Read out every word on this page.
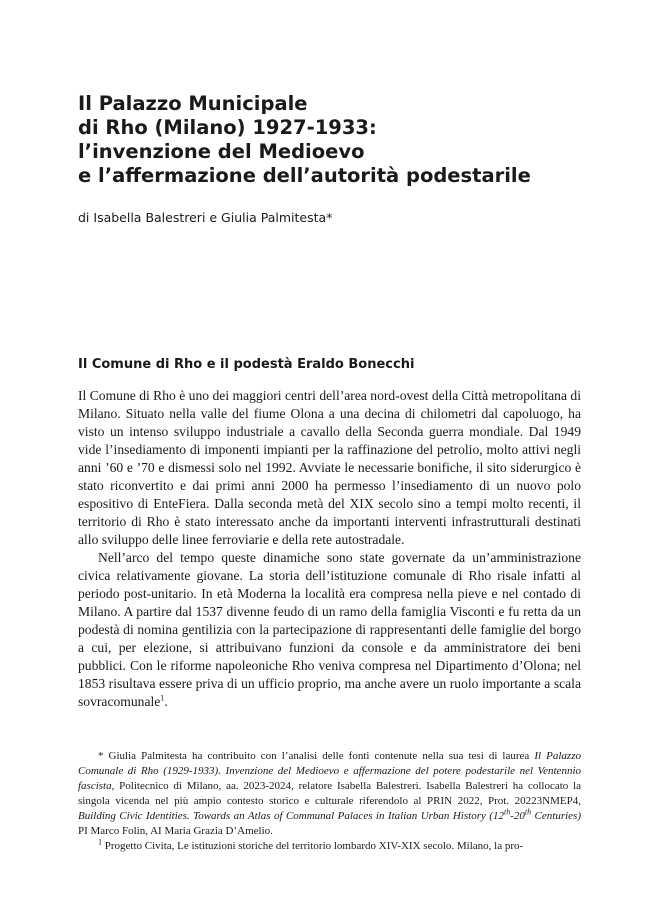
Il Palazzo Municipale
di Rho (Milano) 1927-1933:
l’invenzione del Medioevo
e l’affermazione dell’autorità podestarile
di Isabella Balestreri e Giulia Palmitesta*
Il Comune di Rho e il podestà Eraldo Bonecchi

Il Comune di Rho è uno dei maggiori centri dell’area nord-ovest della Città metropolitana di Milano. Situato nella valle del fiume Olona a una decina di chilometri dal capoluogo, ha visto un intenso sviluppo industriale a cavallo della Seconda guerra mondiale. Dal 1949 vide l’insediamento di imponenti impianti per la raffinazione del petrolio, molto attivi negli anni ’60 e ’70 e dismessi solo nel 1992. Avviate le necessarie bonifiche, il sito siderurgico è stato riconvertito e dai primi anni 2000 ha permesso l’insediamento di un nuovo polo espositivo di EnteFiera. Dalla seconda metà del XIX secolo sino a tempi molto recenti, il territorio di Rho è stato interessato anche da importanti interventi infrastrutturali destinati allo sviluppo delle linee ferroviarie e della rete autostradale.

Nell’arco del tempo queste dinamiche sono state governate da un’amministrazione civica relativamente giovane. La storia dell’istituzione comunale di Rho risale infatti al periodo post-unitario. In età Moderna la località era compresa nella pieve e nel contado di Milano. A partire dal 1537 divenne feudo di un ramo della famiglia Visconti e fu retta da un podestà di nomina gentilizia con la partecipazione di rappresentanti delle famiglie del borgo a cui, per elezione, si attribuivano funzioni da console e da amministratore dei beni pubblici. Con le riforme napoleoniche Rho veniva compresa nel Dipartimento d’Olona; nel 1853 risultava essere priva di un ufficio proprio, ma anche avere un ruolo importante a scala sovracomunale$^1$.

* Giulia Palmitesta ha contribuito con l’analisi delle fonti contenute nella sua tesi di laurea Il Palazzo Comunale di Rho (1929-1933). Invenzione del Medioevo e affermazione del potere podestarile nel Ventennio fascista, Politecnico di Milano, aa. 2023-2024, relatore Isabella Balestreri. Isabella Balestreri ha collocato la singola vicenda nel più ampio contesto storico e culturale riferendolo al PRIN 2022, Prot. 20223NMEP4, Building Civic Identities. Towards an Atlas of Communal Palaces in Italian Urban History (12th-20th Centuries) PI Marco Folin, AI Maria Grazia D’Amelio.

$^1$ Progetto Civita, Le istituzioni storiche del territorio lombardo XIV-XIX secolo. Milano, la pro-
